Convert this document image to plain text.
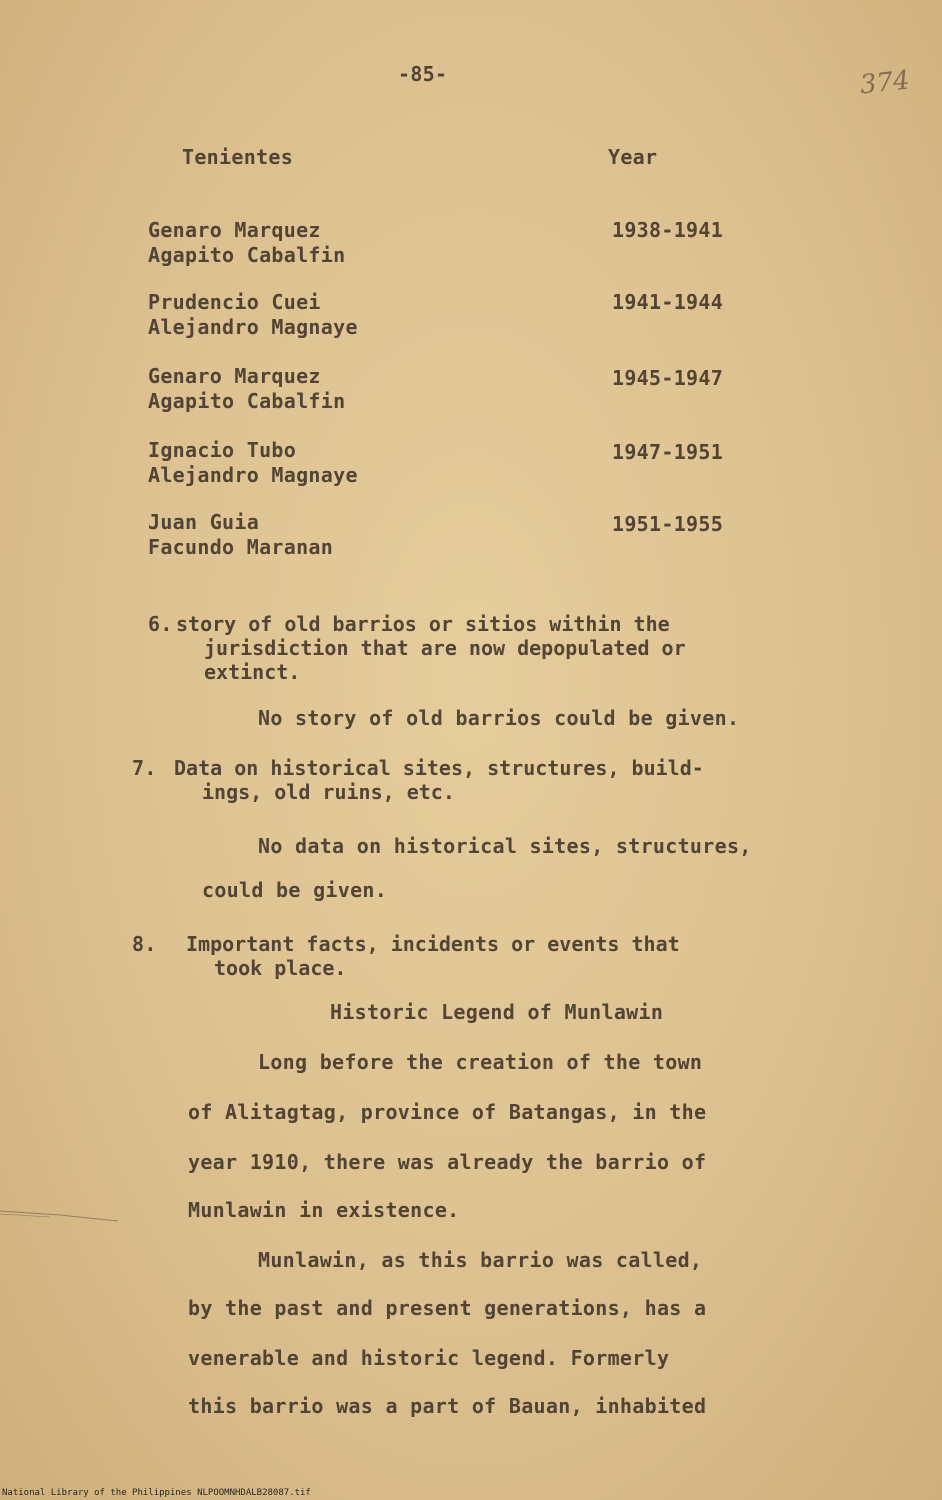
-85-	374
Tenientes	Year
Genaro Marquez
Agapito Cabalfin
1938-1941
Prudencio Cuei
Alejandro Magnaye
1941-1944
Genaro Marquez
Agapito Cabalfin
1945-1947
Ignacio Tubo
Alejandro Magnaye
1947-1951
Juan Guia
Facundo Maranan
1951-1955
6. story of old barrios or sitios within the
jurisdiction that are now depopulated or
extinct.
No story of old barrios could be given.
7. Data on historical sites, structures, build-
ings, old ruins, etc.
No data on historical sites, structures,
could be given.
8. Important facts, incidents or events that
took place.
Historic Legend of Munlawin
Long before the creation of the town
of Alitagtag, province of Batangas, in the
year 1910, there was already the barrio of
Munlawin in existence.
Munlawin, as this barrio was called,
by the past and present generations, has a
venerable and historic legend. Formerly
this barrio was a part of Bauan, inhabited
National Library of the Philippines NLPOOMNHDALB28087.tif
